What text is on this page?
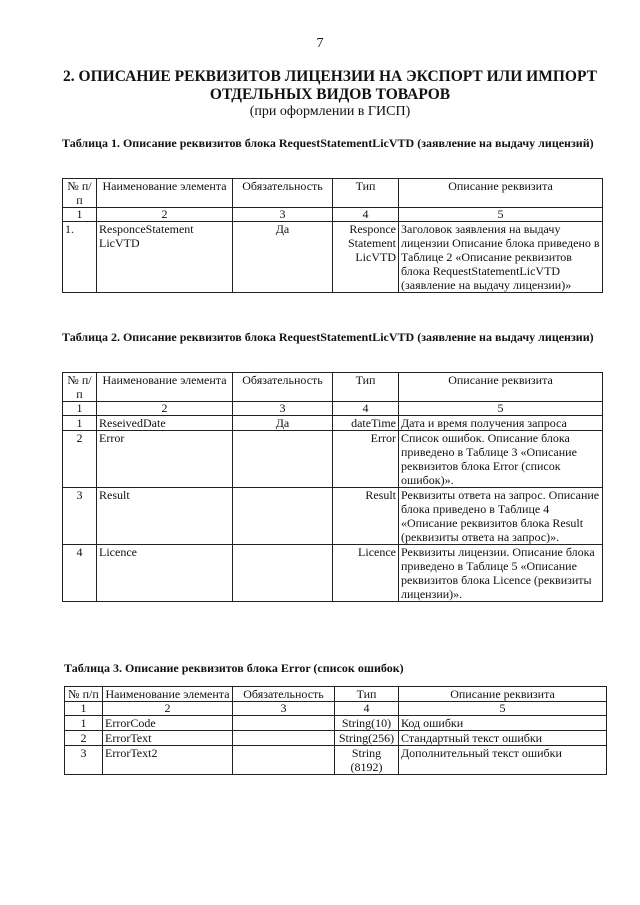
7
2. ОПИСАНИЕ РЕКВИЗИТОВ ЛИЦЕНЗИИ НА ЭКСПОРТ ИЛИ ИМПОРТ
ОТДЕЛЬНЫХ ВИДОВ ТОВАРОВ
(при оформлении в ГИСП)
Таблица 1. Описание реквизитов блока RequestStatementLicVTD (заявление на выдачу лицензий)
№ п/п	Наименование элемента	Обязательность	Тип	Описание реквизита
1	2	3	4	5
1.	ResponceStatement LicVTD	Да	Responce Statement LicVTD	Заголовок заявления на выдачу лицензии Описание блока приведено в Таблице 2 «Описание реквизитов блока RequestStatementLicVTD (заявление на выдачу лицензии)»
Таблица 2. Описание реквизитов блока RequestStatementLicVTD (заявление на выдачу лицензии)
№ п/п	Наименование элемента	Обязательность	Тип	Описание реквизита
1	2	3	4	5
1	ReseivedDate	Да	dateTime	Дата и время получения запроса
2	Error		Error	Список ошибок. Описание блока приведено в Таблице 3 «Описание реквизитов блока Error (список ошибок)».
3	Result		Result	Реквизиты ответа на запрос. Описание блока приведено в Таблице 4 «Описание реквизитов блока Result (реквизиты ответа на запрос)».
4	Licence		Licence	Реквизиты лицензии. Описание блока приведено в Таблице 5 «Описание реквизитов блока Licence (реквизиты лицензии)».
Таблица 3. Описание реквизитов блока Error (список ошибок)
№ п/п	Наименование элемента	Обязательность	Тип	Описание реквизита
1	2	3	4	5
1	ErrorCode		String(10)	Код ошибки
2	ErrorText		String(256)	Стандартный текст ошибки
3	ErrorText2		String (8192)	Дополнительный текст ошибки
